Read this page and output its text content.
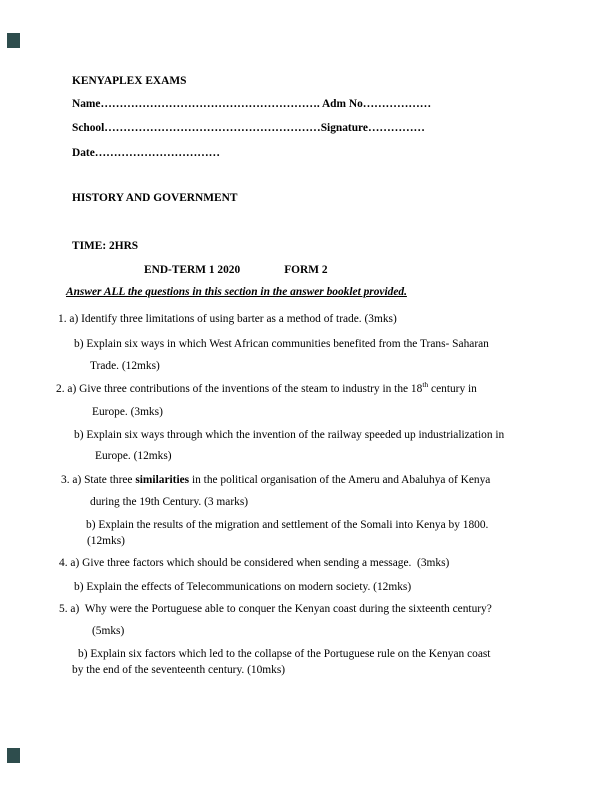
KENYAPLEX EXAMS
Name…………………………………………………. Adm No………………
School…………………………………………………Signature……………
Date……………………………
HISTORY AND GOVERNMENT
TIME: 2HRS
END-TERM 1 2020	FORM 2
Answer ALL the questions in this section in the answer booklet provided.
1. a) Identify three limitations of using barter as a method of trade. (3mks)
b) Explain six ways in which West African communities benefited from the Trans- Saharan
Trade. (12mks)
2. a) Give three contributions of the inventions of the steam to industry in the 18th century in
Europe. (3mks)
b) Explain six ways through which the invention of the railway speeded up industrialization in
Europe. (12mks)
3. a) State three similarities in the political organisation of the Ameru and Abaluhya of Kenya
during the 19th Century. (3 marks)
b) Explain the results of the migration and settlement of the Somali into Kenya by 1800.
(12mks)
4. a) Give three factors which should be considered when sending a message.  (3mks)
b) Explain the effects of Telecommunications on modern society. (12mks)
5. a)  Why were the Portuguese able to conquer the Kenyan coast during the sixteenth century?
(5mks)
b) Explain six factors which led to the collapse of the Portuguese rule on the Kenyan coast
by the end of the seventeenth century. (10mks)
